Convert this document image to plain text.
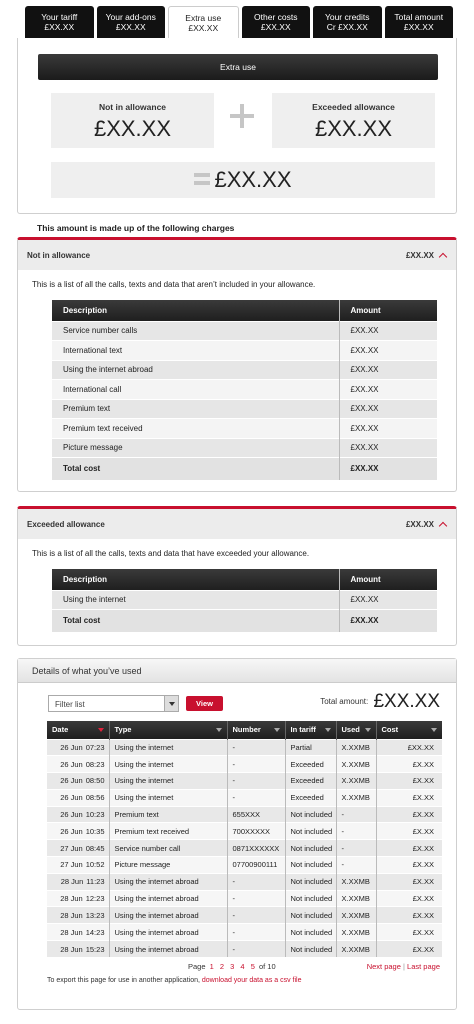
Your tariff
£XX.XX
Your add-ons
£XX.XX
Extra use
£XX.XX
Other costs
£XX.XX
Your credits
Cr £XX.XX
Total amount
£XX.XX
Extra use
Not in allowance
£XX.XX
Exceeded allowance
£XX.XX
£XX.XX
This amount is made up of the following charges
Not in allowance	£XX.XX
This is a list of all the calls, texts and data that aren’t included in your allowance.
Description	Amount
Service number calls	£XX.XX
International text	£XX.XX
Using the internet abroad	£XX.XX
International call	£XX.XX
Premium text	£XX.XX
Premium text received	£XX.XX
Picture message	£XX.XX
Total cost	£XX.XX
Exceeded allowance	£XX.XX
This is a list of all the calls, texts and data that have exceeded your allowance.
Description	Amount
Using the internet	£XX.XX
Total cost	£XX.XX
Details of what you’ve used
Filter list	View	Total amount: £XX.XX
Date	Type	Number	In tariff	Used	Cost

26 Jun 07:23	Using the internet	-	Partial	X.XXMB	£XX.XX
26 Jun 08:23	Using the internet	-	Exceeded	X.XXMB	£X.XX
26 Jun 08:50	Using the internet	-	Exceeded	X.XXMB	£X.XX
26 Jun 08:56	Using the internet	-	Exceeded	X.XXMB	£X.XX
26 Jun 10:23	Premium text	655XXX	Not included	-	£X.XX
26 Jun 10:35	Premium text received	700XXXXX	Not included	-	£X.XX
27 Jun 08:45	Service number call	0871XXXXXX	Not included	-	£X.XX
27 Jun 10:52	Picture message	07700900111	Not included	-	£X.XX
28 Jun 11:23	Using the internet abroad	-	Not included	X.XXMB	£X.XX
28 Jun 12:23	Using the internet abroad	-	Not included	X.XXMB	£X.XX
28 Jun 13:23	Using the internet abroad	-	Not included	X.XXMB	£X.XX
28 Jun 14:23	Using the internet abroad	-	Not included	X.XXMB	£X.XX
28 Jun 15:23	Using the internet abroad	-	Not included	X.XXMB	£X.XX
Page 1 2 3 4 5 of 10	Next page | Last page
To export this page for use in another application, download your data as a csv file
